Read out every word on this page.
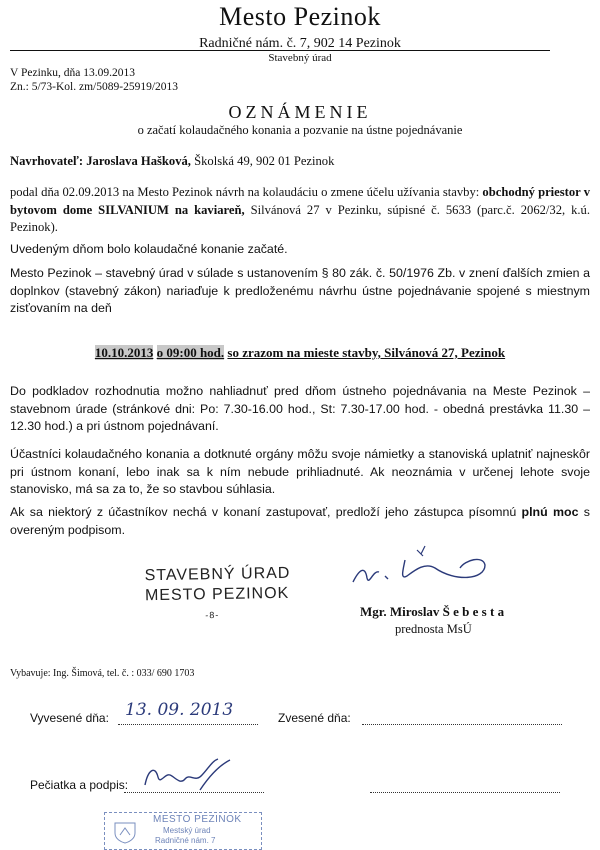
Mesto Pezinok
Radničné nám. č. 7, 902 14 Pezinok
Stavebný úrad
V Pezinku, dňa 13.09.2013
Zn.: 5/73-Kol. zm/5089-25919/2013
OZNÁMENIE
o začatí kolaudačného konania a pozvanie na ústne pojednávanie
Navrhovateľ: Jaroslava Hašková, Školská 49, 902 01 Pezinok
podal dňa 02.09.2013 na Mesto Pezinok návrh na kolaudáciu o zmene účelu užívania stavby: obchodný priestor v bytovom dome SILVANIUM na kaviareň, Silvánová 27 v Pezinku, súpisné č. 5633 (parc.č. 2062/32, k.ú. Pezinok).
Uvedeným dňom bolo kolaudačné konanie začaté.
Mesto Pezinok – stavebný úrad v súlade s ustanovením § 80 zák. č. 50/1976 Zb. v znení ďalších zmien a doplnkov (stavebný zákon) nariaďuje k predloženému návrhu ústne pojednávanie spojené s miestnym zisťovaním na deň
10.10.2013 o 09:00 hod. so zrazom na mieste stavby, Silvánová 27, Pezinok
Do podkladov rozhodnutia možno nahliadnuť pred dňom ústneho pojednávania na Meste Pezinok – stavebnom úrade (stránkové dni: Po: 7.30-16.00 hod., St: 7.30-17.00 hod. - obedná prestávka 11.30 – 12.30 hod.) a pri ústnom pojednávaní.
Účastníci kolaudačného konania a dotknuté orgány môžu svoje námietky a stanoviská uplatniť najneskôr pri ústnom konaní, lebo inak sa k ním nebude prihliadnuté. Ak neoznámia v určenej lehote svoje stanovisko, má sa za to, že so stavbou súhlasia.
Ak sa niektorý z účastníkov nechá v konaní zastupovať, predloží jeho zástupca písomnú plnú moc s overeným podpisom.
STAVEBNÝ ÚRAD
MESTO PEZINOK
-8-	Mgr. Miroslav Š e b e s t a
prednosta MsÚ
Vybavuje: Ing. Šimová, tel. č. : 033/ 690 1703
Vyvesené dňa: 13. 09. 2013	Zvesené dňa:
Pečiatka a podpis:
MESTO PEZINOK
Mestský úrad
Radničné nám. 7
